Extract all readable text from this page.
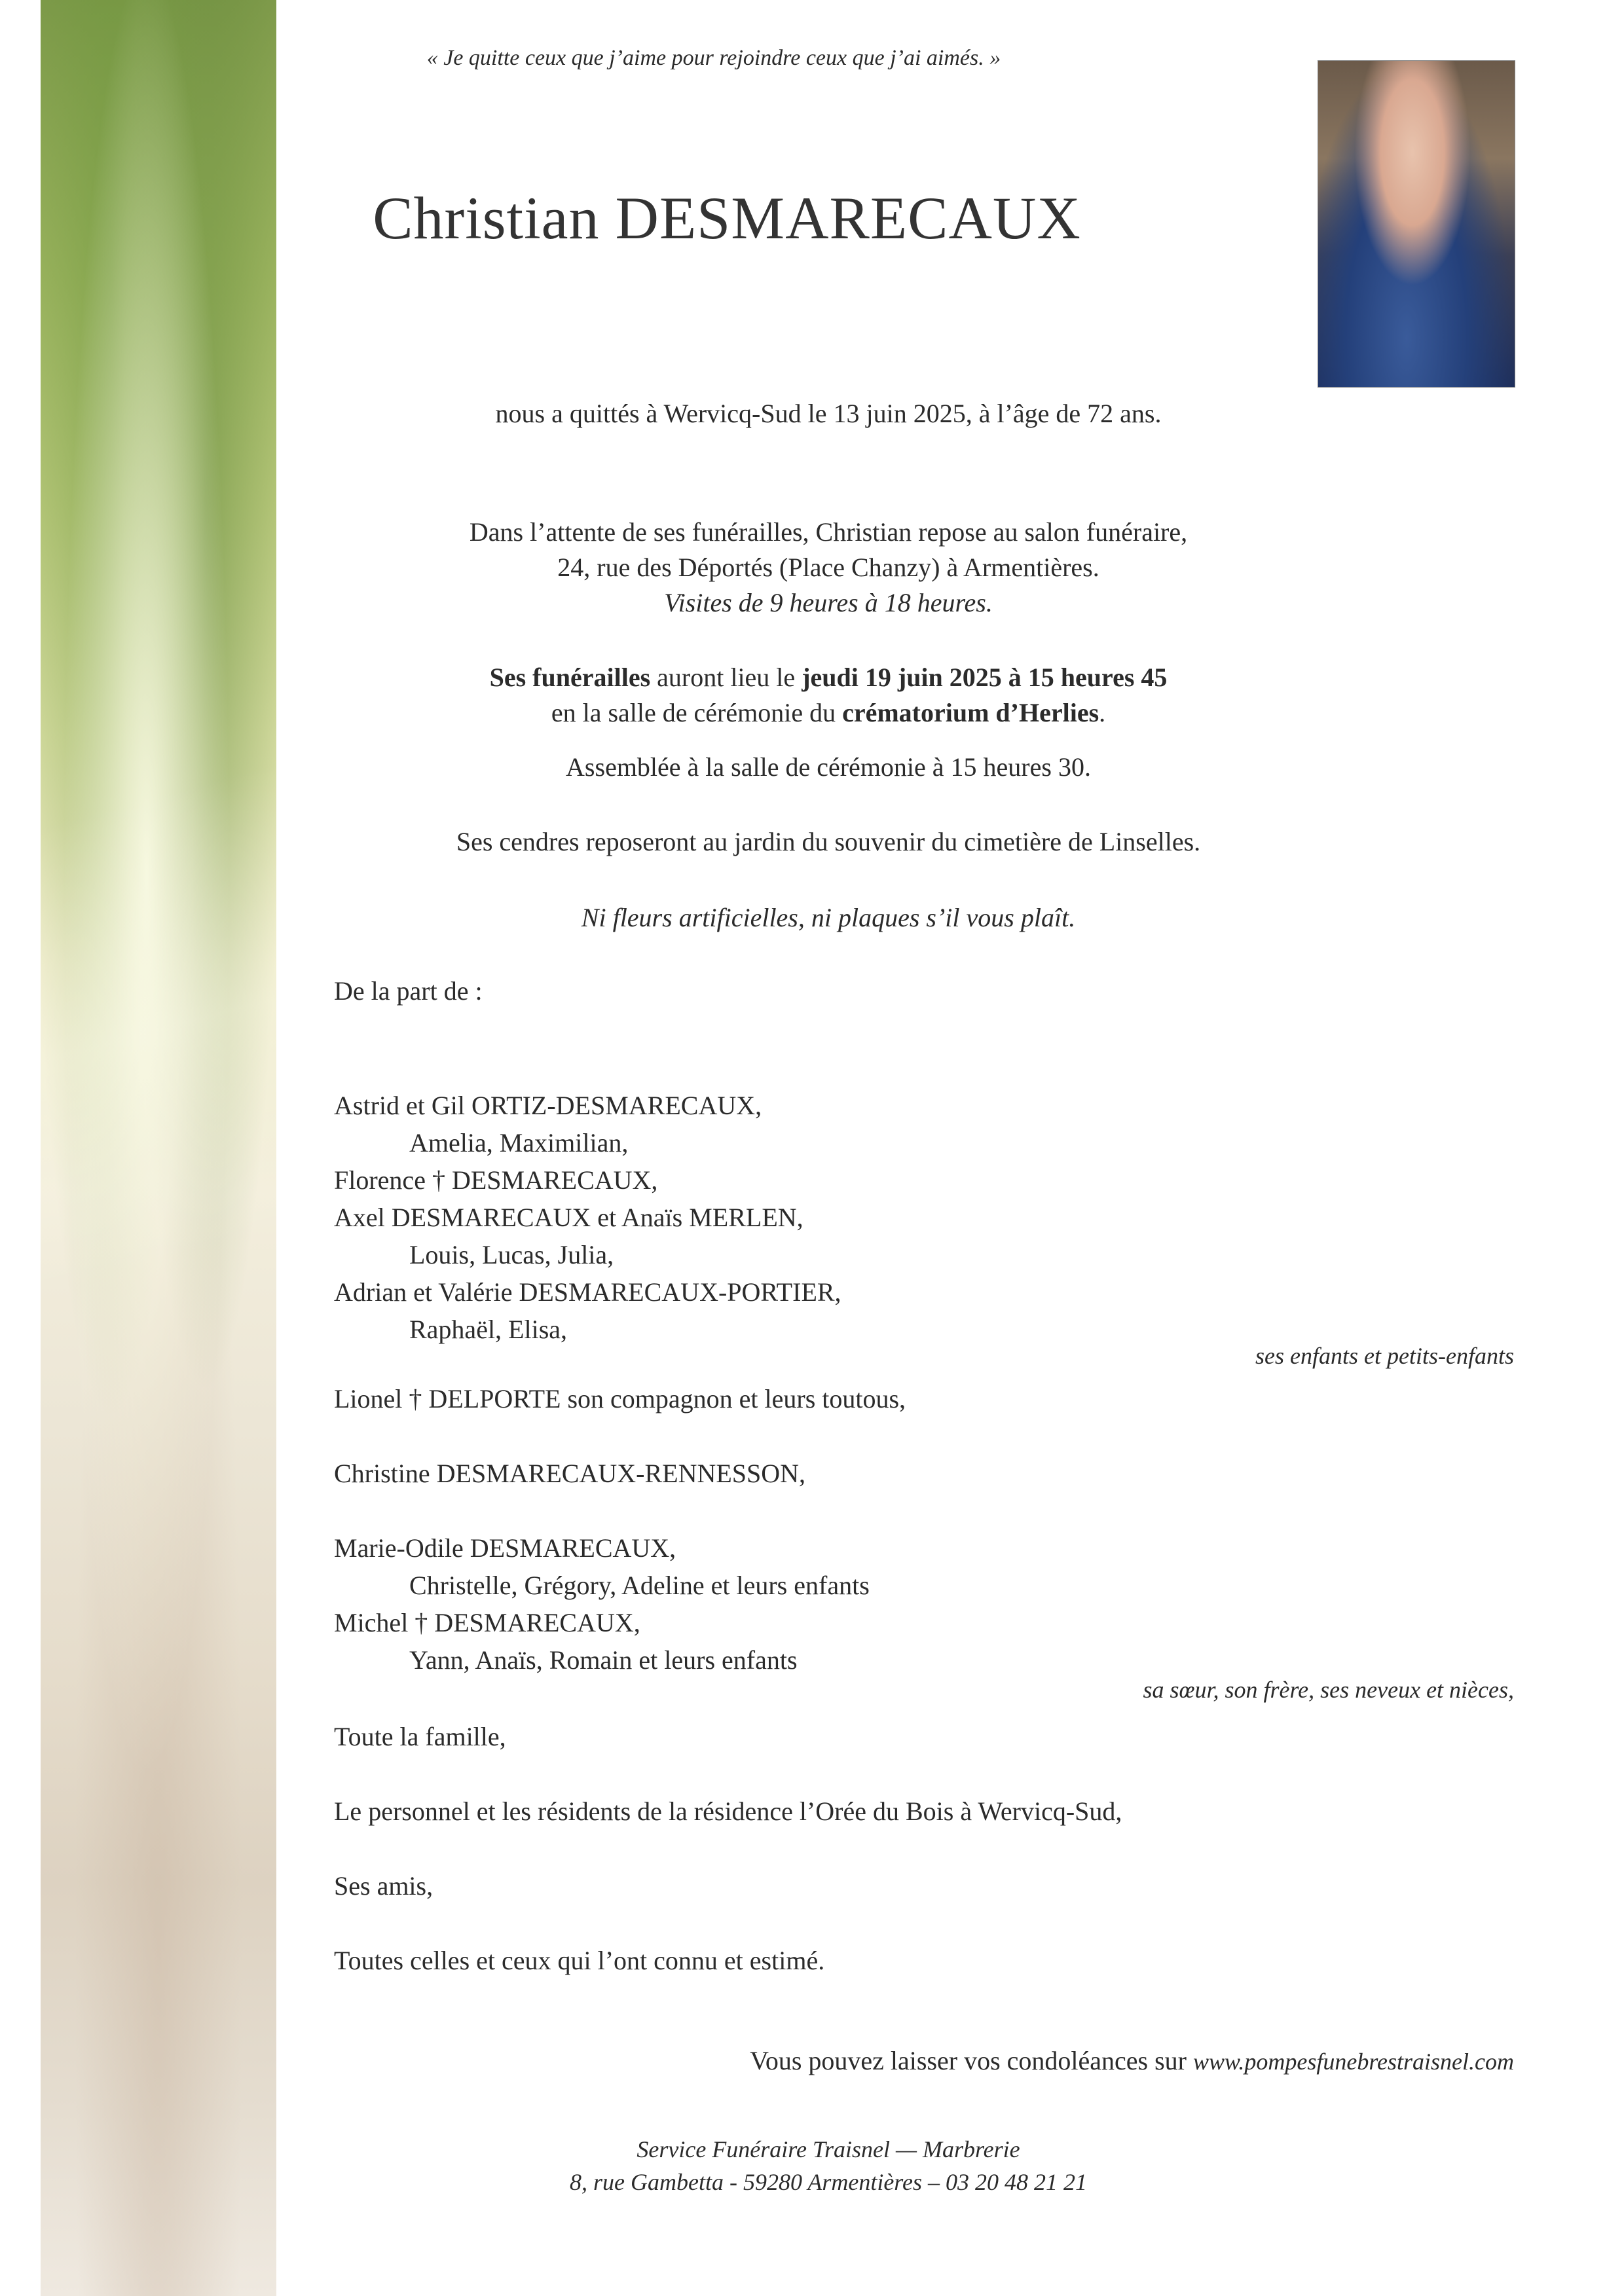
« Je quitte ceux que j’aime pour rejoindre ceux que j’ai aimés. »
Christian DESMARECAUX
nous a quittés à Wervicq-Sud le 13 juin 2025, à l’âge de 72 ans.
Dans l’attente de ses funérailles, Christian repose au salon funéraire,
24, rue des Déportés (Place Chanzy) à Armentières.
Visites de 9 heures à 18 heures.
Ses funérailles auront lieu le jeudi 19 juin 2025 à 15 heures 45
en la salle de cérémonie du crématorium d’Herlies.
Assemblée à la salle de cérémonie à 15 heures 30.
Ses cendres reposeront au jardin du souvenir du cimetière de Linselles.
Ni fleurs artificielles, ni plaques s’il vous plaît.
De la part de :
Astrid et Gil ORTIZ-DESMARECAUX,
Amelia, Maximilian,
Florence † DESMARECAUX,
Axel DESMARECAUX et Anaïs MERLEN,
Louis, Lucas, Julia,
Adrian et Valérie DESMARECAUX-PORTIER,
Raphaël, Elisa,
ses enfants et petits-enfants
Lionel † DELPORTE son compagnon et leurs toutous,
Christine DESMARECAUX-RENNESSON,
Marie-Odile DESMARECAUX,
Christelle, Grégory, Adeline et leurs enfants
Michel † DESMARECAUX,
Yann, Anaïs, Romain et leurs enfants
sa sœur, son frère, ses neveux et nièces,
Toute la famille,
Le personnel et les résidents de la résidence l’Orée du Bois à Wervicq-Sud,
Ses amis,
Toutes celles et ceux qui l’ont connu et estimé.
Vous pouvez laisser vos condoléances sur www.pompesfunebrestraisnel.com
Service Funéraire Traisnel — Marbrerie
8, rue Gambetta - 59280 Armentières – 03 20 48 21 21
